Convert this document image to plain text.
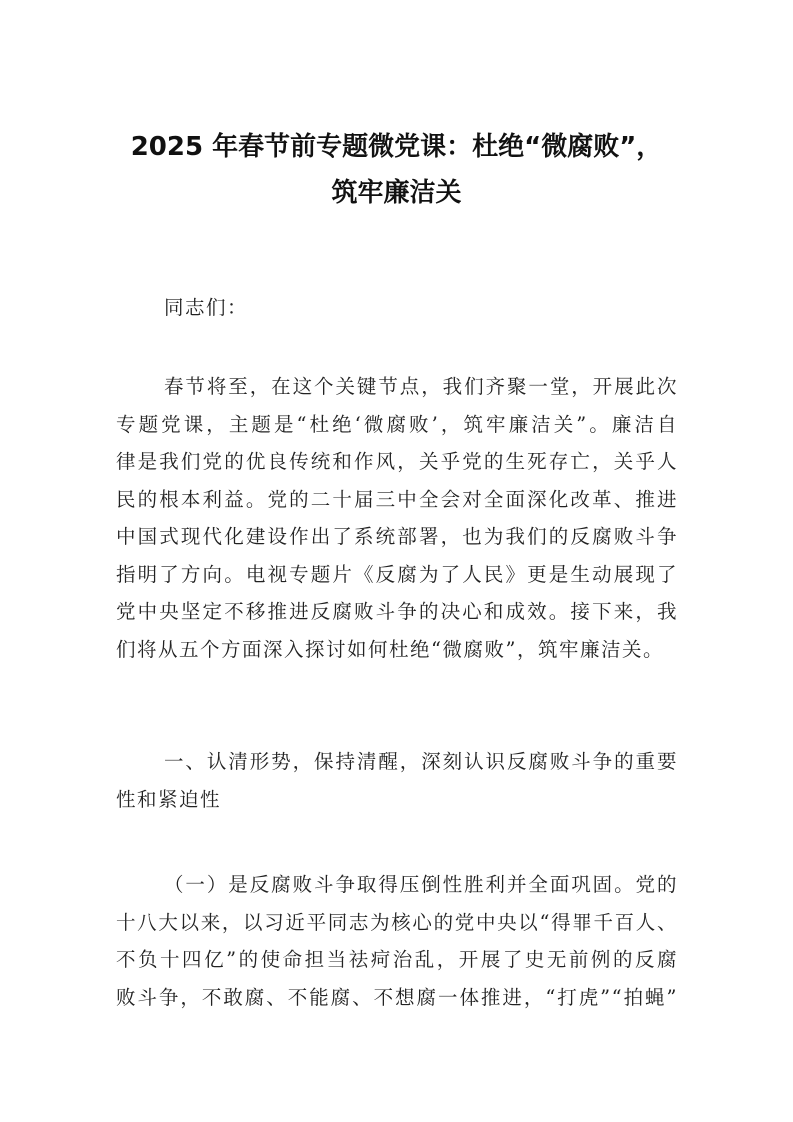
2025 年春节前专题微党课：杜绝“微腐败”，
筑牢廉洁关
同志们：
春节将至，在这个关键节点，我们齐聚一堂，开展此次
专题党课，主题是“杜绝‘微腐败’，筑牢廉洁关”。廉洁自
律是我们党的优良传统和作风，关乎党的生死存亡，关乎人
民的根本利益。党的二十届三中全会对全面深化改革、推进
中国式现代化建设作出了系统部署，也为我们的反腐败斗争
指明了方向。电视专题片《反腐为了人民》更是生动展现了
党中央坚定不移推进反腐败斗争的决心和成效。接下来，我
们将从五个方面深入探讨如何杜绝“微腐败”，筑牢廉洁关。
一、认清形势，保持清醒，深刻认识反腐败斗争的重要
性和紧迫性
（一）是反腐败斗争取得压倒性胜利并全面巩固。党的
十八大以来，以习近平同志为核心的党中央以“得罪千百人、
不负十四亿”的使命担当祛疴治乱，开展了史无前例的反腐
败斗争，不敢腐、不能腐、不想腐一体推进，“打虎”“拍蝇”
